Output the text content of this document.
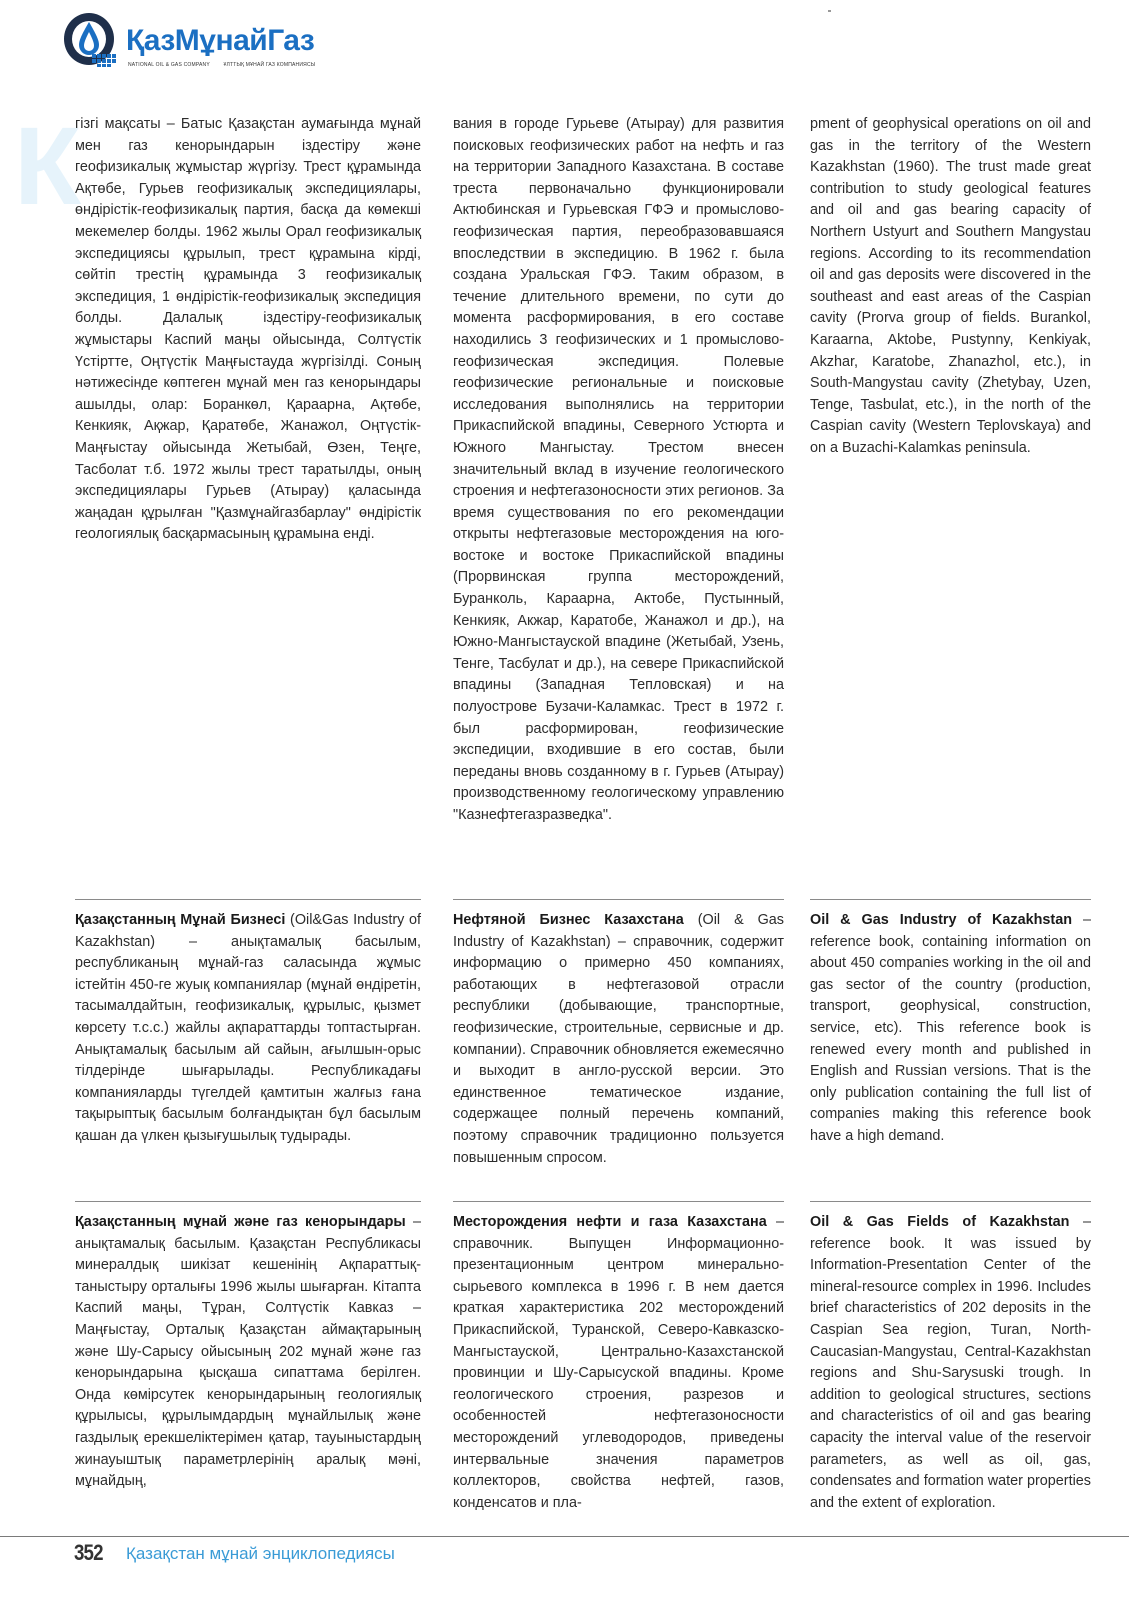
ҚазМұнайГаз
NATIONAL OIL & GAS COMPANY	ҰЛТТЫҚ МҰНАЙ ГАЗ КОМПАНИЯСЫ
К

гізгі мақсаты – Батыс Қазақстан аумағында мұнай мен газ кенорындарын іздестіру және геофизикалық жұмыстар жүргізу. Трест құрамында Ақтөбе, Гурьев геофизикалық экспедициялары, өндірістік-геофизикалық партия, басқа да көмекші мекемелер болды. 1962 жылы Орал геофизикалық экспедициясы құрылып, трест құрамына кірді, сөйтіп трестің құрамында 3 геофизикалық экспедиция, 1 өндірістік-геофизикалық экспедиция болды. Далалық іздестіру-геофизикалық жұмыстары Каспий маңы ойысында, Солтүстік Үстіртте, Оңтүстік Маңғыстауда жүргізілді. Соның нәтижесінде көптеген мұнай мен газ кенорындары ашылды, олар: Боранкөл, Қараарна, Ақтөбе, Кенкияк, Ақжар, Қаратөбе, Жанажол, Оңтүстік-Маңғыстау ойысында Жетыбай, Өзен, Теңге, Тасболат т.б. 1972 жылы трест таратылды, оның экспедициялары Гурьев (Атырау) қаласында жаңадан құрылған "Қазмұнайгазбарлау" өндірістік геологиялық басқармасының құрамына енді.

вания в городе Гурьеве (Атырау) для развития поисковых геофизических работ на нефть и газ на территории Западного Казахстана. В составе треста первоначально функционировали Актюбинская и Гурьевская ГФЭ и промыслово-геофизическая партия, переобразовавшаяся впоследствии в экспедицию. В 1962 г. была создана Уральская ГФЭ. Таким образом, в течение длительного времени, по сути до момента расформирования, в его составе находились 3 геофизических и 1 промыслово-геофизическая экспедиция. Полевые геофизические региональные и поисковые исследования выполнялись на территории Прикаспийской впадины, Северного Устюрта и Южного Мангыстау. Трестом внесен значительный вклад в изучение геологического строения и нефтегазоносности этих регионов. За время существования по его рекомендации открыты нефтегазовые месторождения на юго-востоке и востоке Прикаспийской впадины (Прорвинская группа месторождений, Буранколь, Караарна, Актобе, Пустынный, Кенкияк, Акжар, Каратобе, Жанажол и др.), на Южно-Мангыстауской впадине (Жетыбай, Узень, Тенге, Тасбулат и др.), на севере Прикаспийской впадины (Западная Тепловская) и на полуострове Бузачи-Каламкас. Трест в 1972 г. был расформирован, геофизические экспедиции, входившие в его состав, были переданы вновь созданному в г. Гурьев (Атырау) производственному геологическому управлению "Казнефтегазразведка".

pment of geophysical operations on oil and gas in the territory of the Western Kazakhstan (1960). The trust made great contribution to study geological features and oil and gas bearing capacity of Northern Ustyurt and Southern Mangystau regions. According to its recommendation oil and gas deposits were discovered in the southeast and east areas of the Caspian cavity (Prorva group of fields. Burankol, Karaarna, Aktobe, Pustynny, Kenkiyak, Akzhar, Karatobe, Zhanazhol, etc.), in South-Mangystau cavity (Zhetybay, Uzen, Tenge, Tasbulat, etc.), in the north of the Caspian cavity (Western Teplovskaya) and on a Buzachi-Kalamkas peninsula.

Қазақстанның Мұнай Бизнесі (Oil&Gas Industry of Kazakhstan) – анықтамалық басылым, республиканың мұнай-газ саласында жұмыс істейтін 450-ге жуық компаниялар (мұнай өндіретін, тасымалдайтын, геофизикалық, құрылыс, қызмет көрсету т.с.с.) жайлы ақпараттарды топтастырған. Анықтамалық басылым ай сайын, ағылшын-орыс тілдерінде шығарылады. Республикадағы компанияларды түгелдей қамтитын жалғыз ғана тақырыптық басылым болғандықтан бұл басылым қашан да үлкен қызығушылық тудырады.

Нефтяной Бизнес Казахстана (Oil & Gas Industry of Kazakhstan) – справочник, содержит информацию о примерно 450 компаниях, работающих в нефтегазовой отрасли республики (добывающие, транспортные, геофизические, строительные, сервисные и др. компании). Справочник обновляется ежемесячно и выходит в англо-русской версии. Это единственное тематическое издание, содержащее полный перечень компаний, поэтому справочник традиционно пользуется повышенным спросом.

Oil & Gas Industry of Kazakhstan – reference book, containing information on about 450 companies working in the oil and gas sector of the country (production, transport, geophysical, construction, service, etc). This reference book is renewed every month and published in English and Russian versions. That is the only publication containing the full list of companies making this reference book have a high demand.

Қазақстанның мұнай және газ кенорындары – анықтамалық басылым. Қазақстан Республикасы минералдық шикізат кешенінің Ақпараттық-таныстыру орталығы 1996 жылы шығарған. Кітапта Каспий маңы, Тұран, Солтүстік Кавказ – Маңғыстау, Орталық Қазақстан аймақтарының және Шу-Сарысу ойысының 202 мұнай және газ кенорындарына қысқаша сипаттама берілген. Онда көмірсутек кенорындарының геологиялық құрылысы, құрылымдардың мұнайлылық және газдылық ерекшеліктерімен қатар, тауыныстардың жинауыштық параметрлерінің аралық мәні, мұнайдың,

Месторождения нефти и газа Казахстана – справочник. Выпущен Информационно-презентационным центром минерально-сырьевого комплекса в 1996 г. В нем дается краткая характеристика 202 месторождений Прикаспийской, Туранской, Северо-Кавказско-Мангыстауской, Центрально-Казахстанской провинции и Шу-Сарысуской впадины. Кроме геологического строения, разрезов и особенностей нефтегазоносности месторождений углеводородов, приведены интервальные значения параметров коллекторов, свойства нефтей, газов, конденсатов и пла-

Oil & Gas Fields of Kazakhstan – reference book. It was issued by Information-Presentation Center of the mineral-resource complex in 1996. Includes brief characteristics of 202 deposits in the Caspian Sea region, Turan, North-Caucasian-Mangystau, Central-Kazakhstan regions and Shu-Sarysuski trough. In addition to geological structures, sections and characteristics of oil and gas bearing capacity the interval value of the reservoir parameters, as well as oil, gas, condensates and formation water properties and the extent of exploration.

352 Қазақстан мұнай энциклопедиясы
